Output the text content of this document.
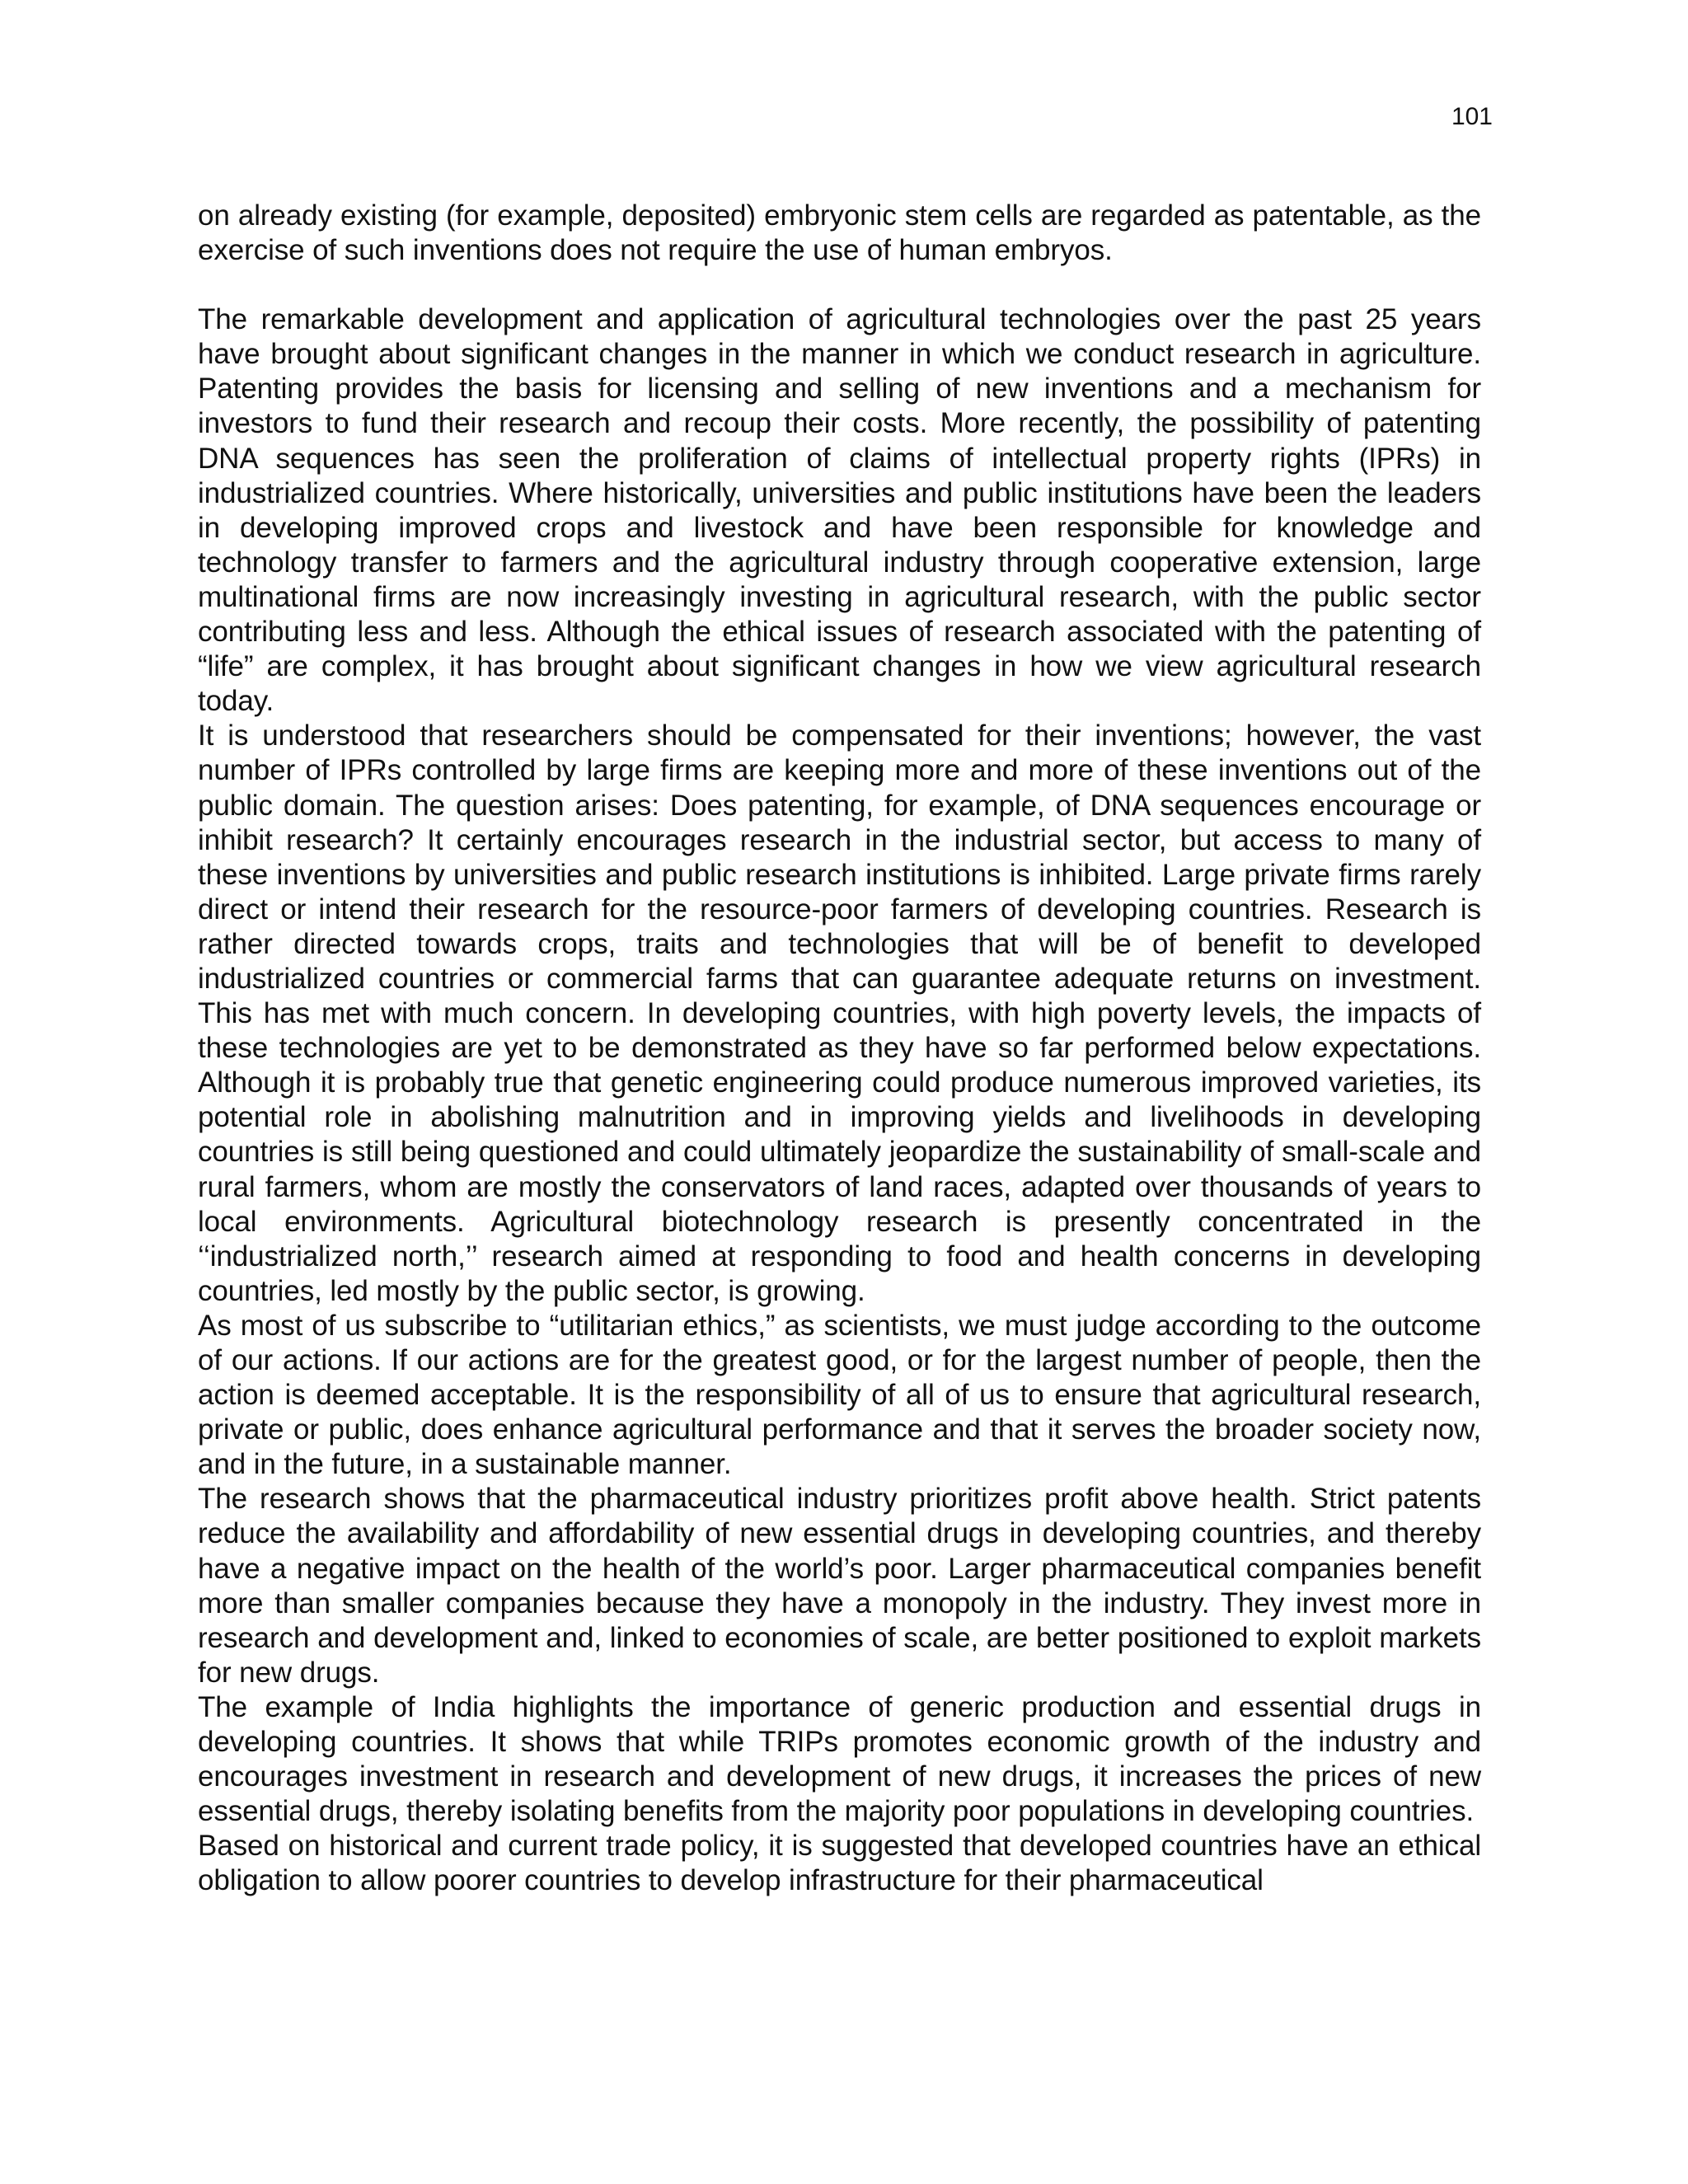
101

on already existing (for example, deposited) embryonic stem cells are regarded as patentable, as the exercise of such inventions does not require the use of human embryos.

The remarkable development and application of agricultural technologies over the past 25 years have brought about significant changes in the manner in which we conduct research in agriculture. Patenting provides the basis for licensing and selling of new inventions and a mechanism for investors to fund their research and recoup their costs. More recently, the possibility of patenting DNA sequences has seen the proliferation of claims of intellectual property rights (IPRs) in industrialized countries. Where historically, universities and public institutions have been the leaders in developing improved crops and livestock and have been responsible for knowledge and technology transfer to farmers and the agricultural industry through cooperative extension, large multinational firms are now increasingly investing in agricultural research, with the public sector contributing less and less. Although the ethical issues of research associated with the patenting of “life” are complex, it has brought about significant changes in how we view agricultural research today.

It is understood that researchers should be compensated for their inventions; however, the vast number of IPRs controlled by large firms are keeping more and more of these inventions out of the public domain. The question arises: Does patenting, for example, of DNA sequences encourage or inhibit research? It certainly encourages research in the industrial sector, but access to many of these inventions by universities and public research institutions is inhibited. Large private firms rarely direct or intend their research for the resource-poor farmers of developing countries. Research is rather directed towards crops, traits and technologies that will be of benefit to developed industrialized countries or commercial farms that can guarantee adequate returns on investment. This has met with much concern. In developing countries, with high poverty levels, the impacts of these technologies are yet to be demonstrated as they have so far performed below expectations. Although it is probably true that genetic engineering could produce numerous improved varieties, its potential role in abolishing malnutrition and in improving yields and livelihoods in developing countries is still being questioned and could ultimately jeopardize the sustainability of small-scale and rural farmers, whom are mostly the conservators of land races, adapted over thousands of years to local environments. Agricultural biotechnology research is presently concentrated in the ‘‘industrialized north,’’ research aimed at responding to food and health concerns in developing countries, led mostly by the public sector, is growing.

As most of us subscribe to “utilitarian ethics,” as scientists, we must judge according to the outcome of our actions. If our actions are for the greatest good, or for the largest number of people, then the action is deemed acceptable. It is the responsibility of all of us to ensure that agricultural research, private or public, does enhance agricultural performance and that it serves the broader society now, and in the future, in a sustainable manner.

The research shows that the pharmaceutical industry prioritizes profit above health. Strict patents reduce the availability and affordability of new essential drugs in developing countries, and thereby have a negative impact on the health of the world’s poor. Larger pharmaceutical companies benefit more than smaller companies because they have a monopoly in the industry. They invest more in research and development and, linked to economies of scale, are better positioned to exploit markets for new drugs.

The example of India highlights the importance of generic production and essential drugs in developing countries. It shows that while TRIPs promotes economic growth of the industry and encourages investment in research and development of new drugs, it increases the prices of new essential drugs, thereby isolating benefits from the majority poor populations in developing countries.

Based on historical and current trade policy, it is suggested that developed countries have an ethical obligation to allow poorer countries to develop infrastructure for their pharmaceutical
